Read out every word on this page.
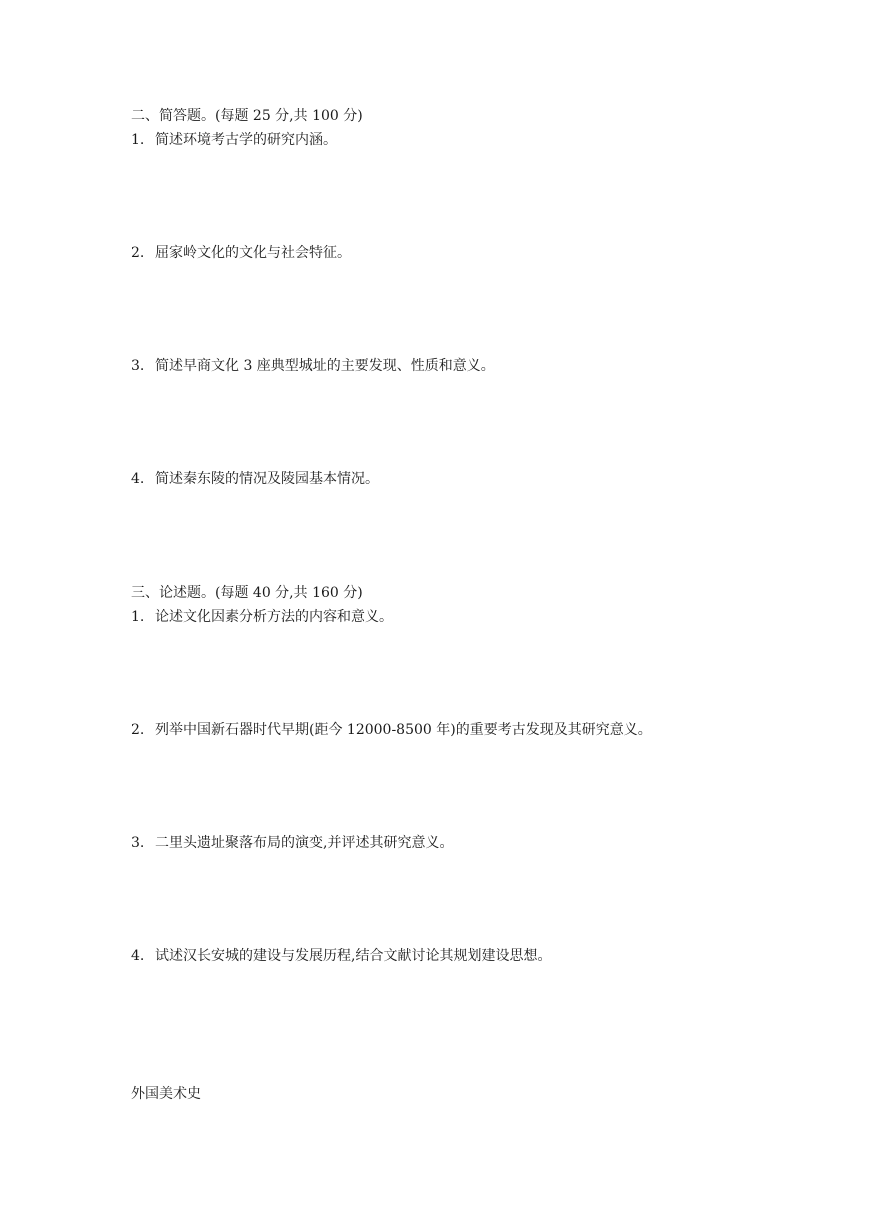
二、简答题。(每题 25 分,共 100 分)
1. 简述环境考古学的研究内涵。
2. 屈家岭文化的文化与社会特征。
3. 简述早商文化 3 座典型城址的主要发现、性质和意义。
4. 简述秦东陵的情况及陵园基本情况。
三、论述题。(每题 40 分,共 160 分)
1. 论述文化因素分析方法的内容和意义。
2. 列举中国新石器时代早期(距今 12000-8500 年)的重要考古发现及其研究意义。
3. 二里头遗址聚落布局的演变,并评述其研究意义。
4. 试述汉长安城的建设与发展历程,结合文献讨论其规划建设思想。
外国美术史
